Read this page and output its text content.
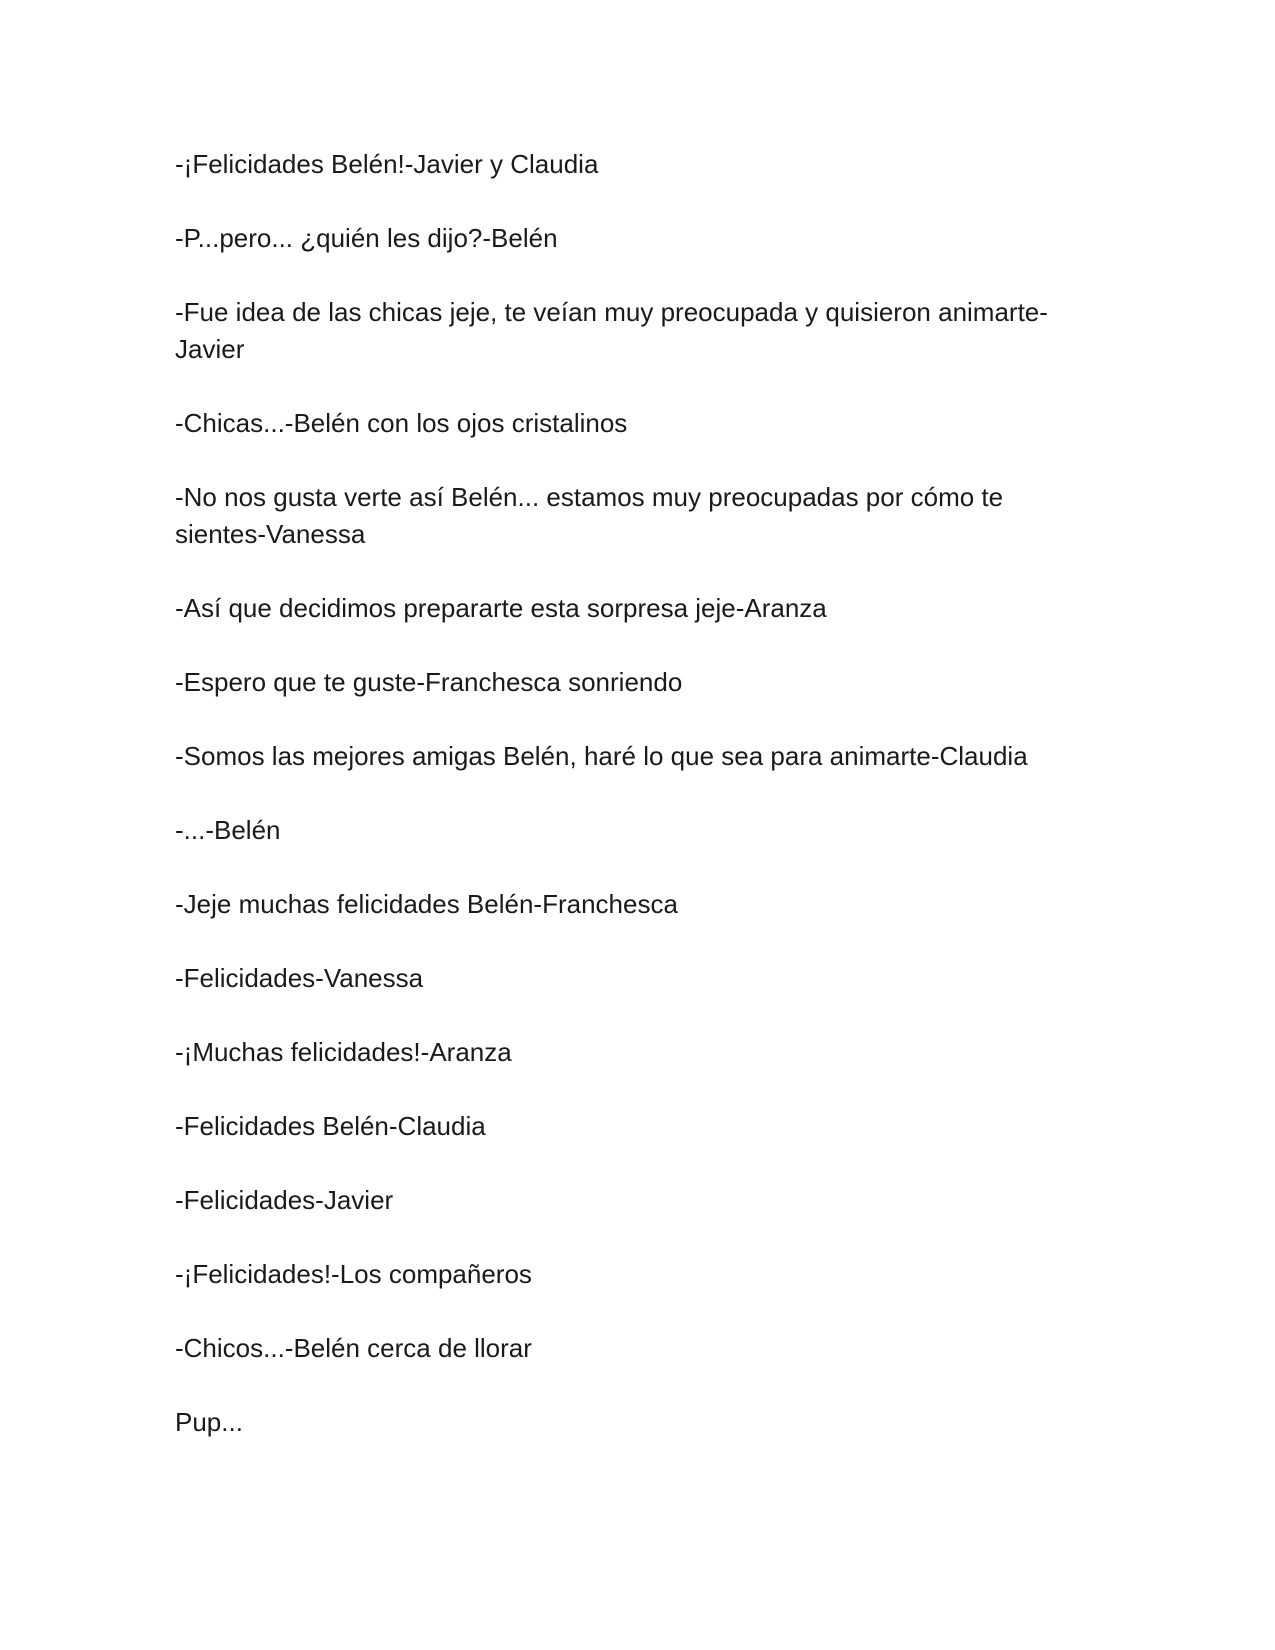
-¡Felicidades Belén!-Javier y Claudia

-P...pero... ¿quién les dijo?-Belén

-Fue idea de las chicas jeje, te veían muy preocupada y quisieron animarte-Javier

-Chicas...-Belén con los ojos cristalinos

-No nos gusta verte así Belén... estamos muy preocupadas por cómo te sientes-Vanessa

-Así que decidimos prepararte esta sorpresa jeje-Aranza

-Espero que te guste-Franchesca sonriendo

-Somos las mejores amigas Belén, haré lo que sea para animarte-Claudia

-...-Belén

-Jeje muchas felicidades Belén-Franchesca

-Felicidades-Vanessa

-¡Muchas felicidades!-Aranza

-Felicidades Belén-Claudia

-Felicidades-Javier

-¡Felicidades!-Los compañeros

-Chicos...-Belén cerca de llorar

Pup...
